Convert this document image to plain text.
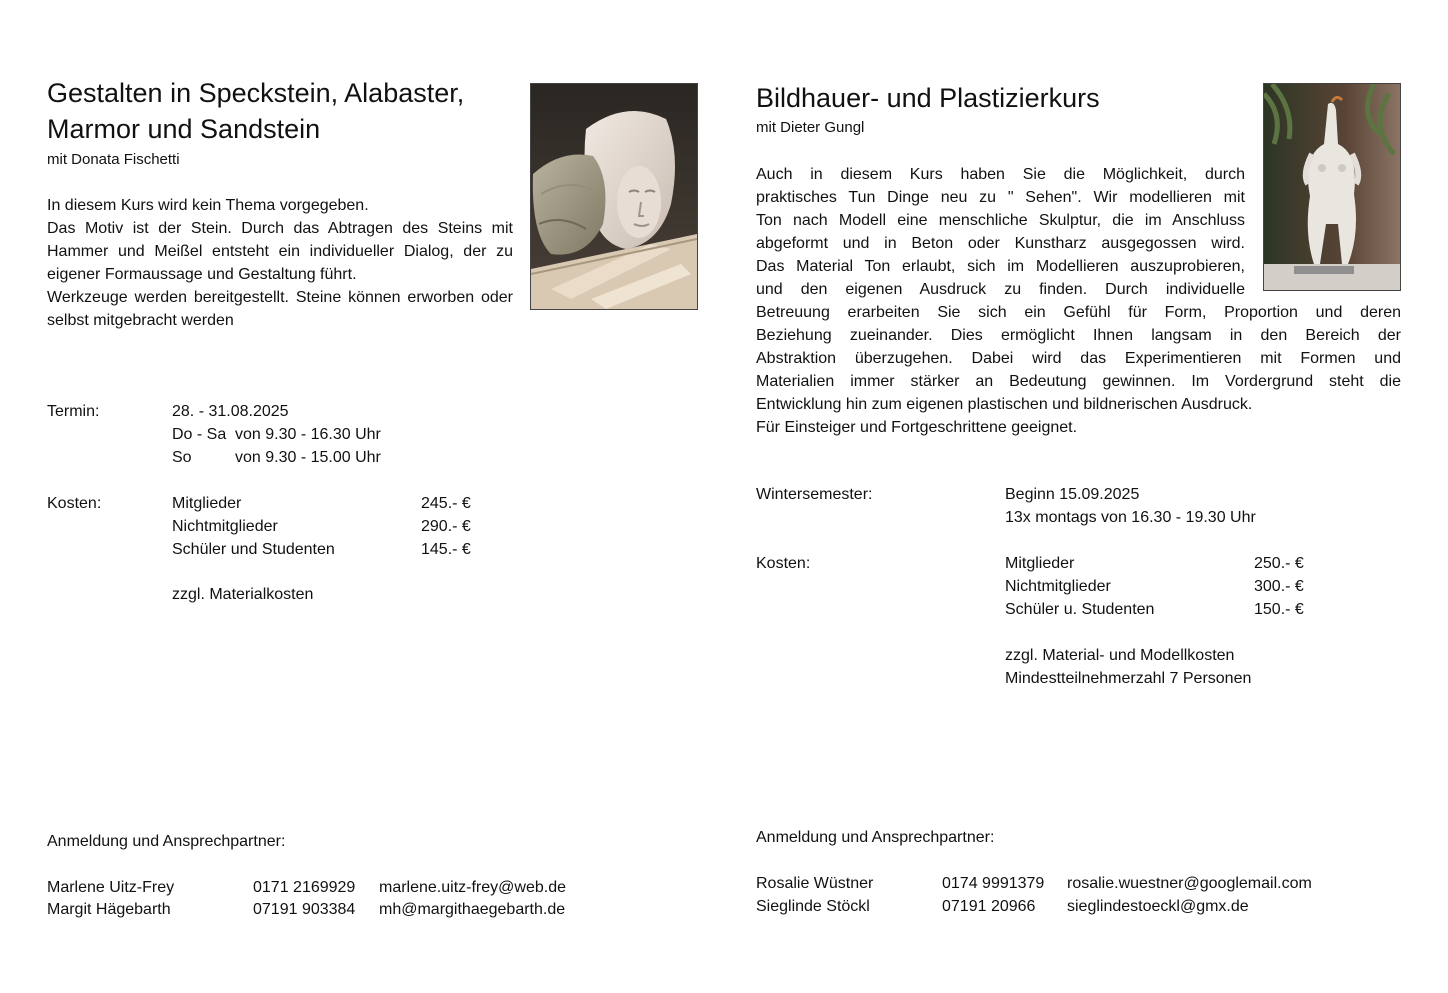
Gestalten in Speckstein, Alabaster,
Marmor und Sandstein
mit Donata Fischetti
In diesem Kurs wird kein Thema vorgegeben.
Das Motiv ist der Stein. Durch das Abtragen des Steins mit Hammer und Meißel entsteht ein individueller Dialog, der zu eigener Formaussage und Gestaltung führt.
Werkzeuge werden bereitgestellt. Steine können erworben oder selbst mitgebracht werden
Termin:	28. - 31.08.2025
Do - Sa von 9.30 - 16.30 Uhr
So	von 9.30 - 15.00 Uhr
Kosten:	Mitglieder	245.- €
Nichtmitglieder	290.- €
Schüler und Studenten	145.- €
zzgl. Materialkosten
Anmeldung und Ansprechpartner:
Marlene Uitz-Frey	0171 2169929 marlene.uitz-frey@web.de
Margit Hägebarth	07191 903384 mh@margithaegebarth.de
Bildhauer- und Plastizierkurs
mit Dieter Gungl
Auch in diesem Kurs haben Sie die Möglichkeit, durch
praktisches Tun Dinge neu zu " Sehen". Wir modellieren mit
Ton nach Modell eine menschliche Skulptur, die im Anschluss
abgeformt und in Beton oder Kunstharz ausgegossen wird.
Das Material Ton erlaubt, sich im Modellieren auszuprobieren,
und den eigenen Ausdruck zu finden. Durch individuelle
Betreuung erarbeiten Sie sich ein Gefühl für Form, Proportion und deren
Beziehung zueinander. Dies ermöglicht Ihnen langsam in den Bereich der
Abstraktion überzugehen. Dabei wird das Experimentieren mit Formen und
Materialien immer stärker an Bedeutung gewinnen. Im Vordergrund steht die
Entwicklung hin zum eigenen plastischen und bildnerischen Ausdruck.
Für Einsteiger und Fortgeschrittene geeignet.
Wintersemester:	Beginn 15.09.2025
13x montags von 16.30 - 19.30 Uhr
Kosten:	Mitglieder	250.- €
Nichtmitglieder	300.- €
Schüler u. Studenten	150.- €
zzgl. Material- und Modellkosten
Mindestteilnehmerzahl 7 Personen
Anmeldung und Ansprechpartner:
Rosalie Wüstner	0174 9991379 rosalie.wuestner@googlemail.com
Sieglinde Stöckl	07191 20966 sieglindestoeckl@gmx.de
